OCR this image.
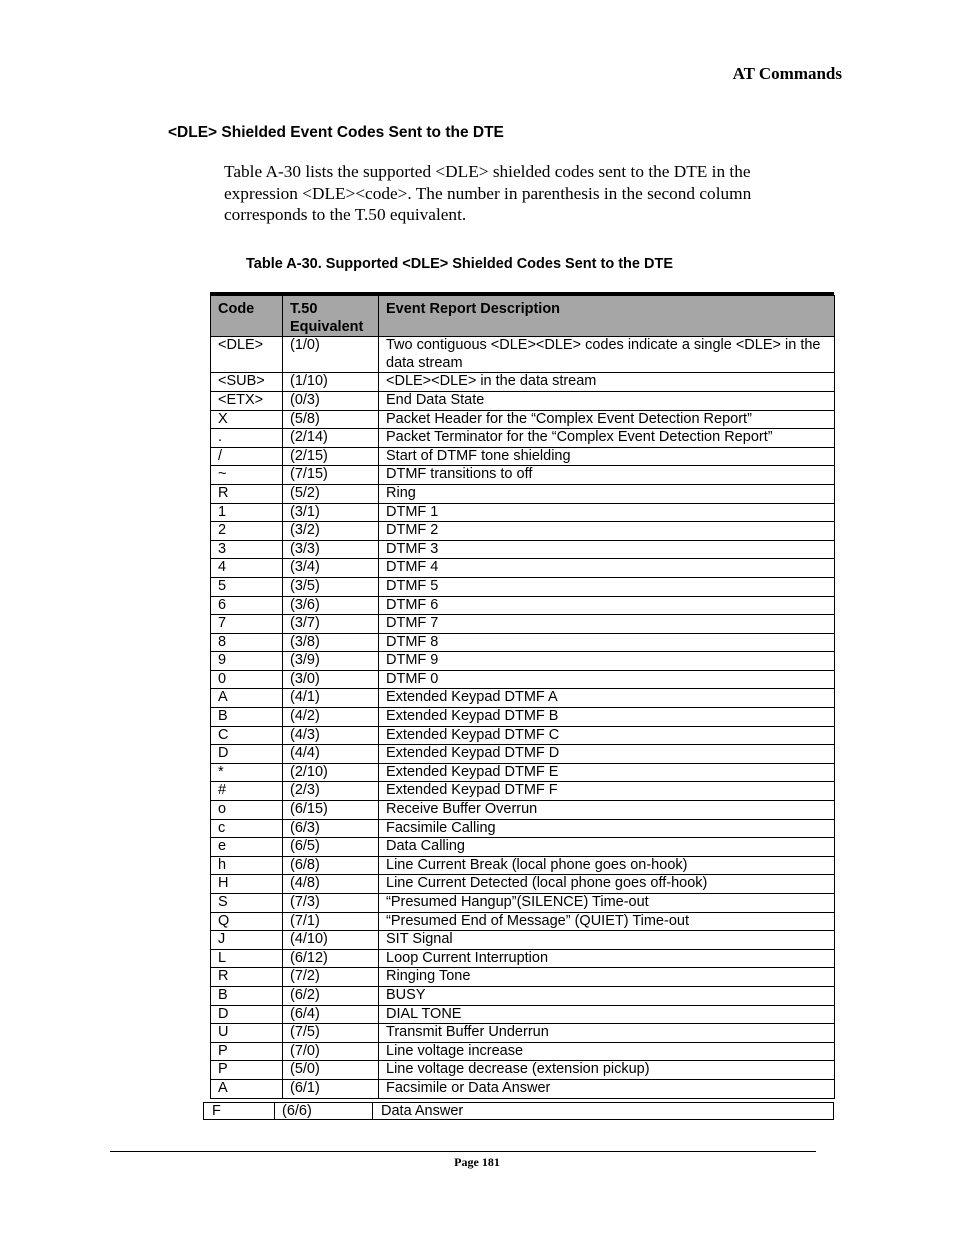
AT Commands
<DLE> Shielded Event Codes Sent to the DTE
Table A-30 lists the supported <DLE> shielded codes sent to the DTE in the expression <DLE><code>. The number in parenthesis in the second column corresponds to the T.50 equivalent.
Table A-30. Supported <DLE> Shielded Codes Sent to the DTE
Code	T.50 Equivalent	Event Report Description
<DLE>	(1/0)	Two contiguous <DLE><DLE> codes indicate a single <DLE> in the data stream
<SUB>	(1/10)	<DLE><DLE> in the data stream
<ETX>	(0/3)	End Data State
X	(5/8)	Packet Header for the “Complex Event Detection Report”
.	(2/14)	Packet Terminator for the “Complex Event Detection Report”
/	(2/15)	Start of DTMF tone shielding
~	(7/15)	DTMF transitions to off
R	(5/2)	Ring
1	(3/1)	DTMF 1
2	(3/2)	DTMF 2
3	(3/3)	DTMF 3
4	(3/4)	DTMF 4
5	(3/5)	DTMF 5
6	(3/6)	DTMF 6
7	(3/7)	DTMF 7
8	(3/8)	DTMF 8
9	(3/9)	DTMF 9
0	(3/0)	DTMF 0
A	(4/1)	Extended Keypad DTMF A
B	(4/2)	Extended Keypad DTMF B
C	(4/3)	Extended Keypad DTMF C
D	(4/4)	Extended Keypad DTMF D
*	(2/10)	Extended Keypad DTMF E
#	(2/3)	Extended Keypad DTMF F
o	(6/15)	Receive Buffer Overrun
c	(6/3)	Facsimile Calling
e	(6/5)	Data Calling
h	(6/8)	Line Current Break (local phone goes on-hook)
H	(4/8)	Line Current Detected (local phone goes off-hook)
S	(7/3)	“Presumed Hangup”(SILENCE) Time-out
Q	(7/1)	“Presumed End of Message” (QUIET) Time-out
J	(4/10)	SIT Signal
L	(6/12)	Loop Current Interruption
R	(7/2)	Ringing Tone
B	(6/2)	BUSY
D	(6/4)	DIAL TONE
U	(7/5)	Transmit Buffer Underrun
P	(7/0)	Line voltage increase
P	(5/0)	Line voltage decrease (extension pickup)
A	(6/1)	Facsimile or Data Answer
F	(6/6)	Data Answer
Page 181
